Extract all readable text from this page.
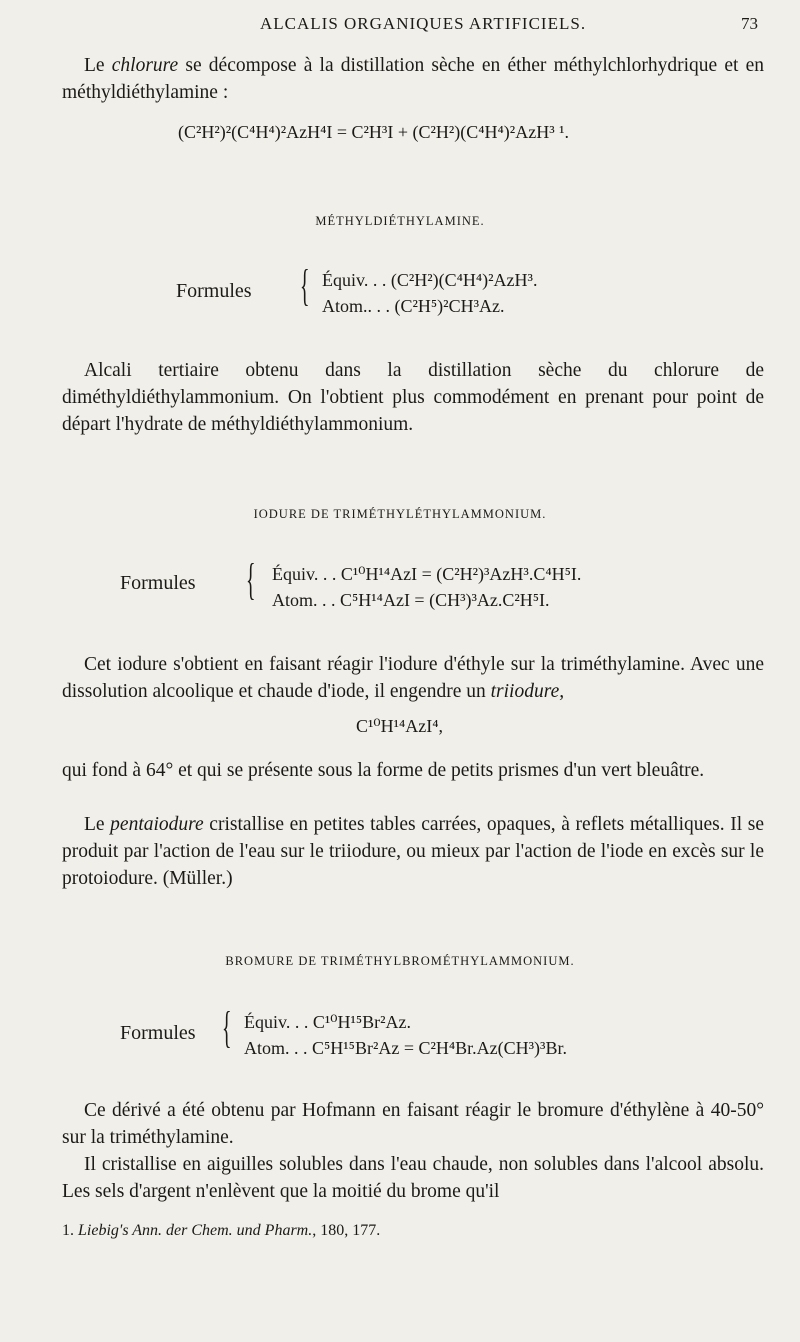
ALCALIS ORGANIQUES ARTIFICIELS.	73
Le chlorure se décompose à la distillation sèche en éther méthylchlorhydrique et en méthyldiéthylamine :
(C²H²)²(C⁴H⁴)²AzH⁴I = C²H³I + (C²H²)(C⁴H⁴)²AzH³ ¹.
MÉTHYLDIÉTHYLAMINE.
Formules { Équiv. . . (C²H²)(C⁴H⁴)²AzH³.
Atom.. . . (C²H⁵)²CH³Az.
Alcali tertiaire obtenu dans la distillation sèche du chlorure de diméthyldiéthylammonium. On l'obtient plus commodément en prenant pour point de départ l'hydrate de méthyldiéthylammonium.
IODURE DE TRIMÉTHYLÉTHYLAMMONIUM.
Formules { Équiv. . . C¹⁰H¹⁴AzI = (C²H²)³AzH³.C⁴H⁵I.
Atom. . . C⁵H¹⁴AzI = (CH³)³Az.C²H⁵I.
Cet iodure s'obtient en faisant réagir l'iodure d'éthyle sur la triméthylamine. Avec une dissolution alcoolique et chaude d'iode, il engendre un triiodure,
C¹⁰H¹⁴AzI⁴,
qui fond à 64° et qui se présente sous la forme de petits prismes d'un vert bleuâtre.
Le pentaiodure cristallise en petites tables carrées, opaques, à reflets métalliques. Il se produit par l'action de l'eau sur le triiodure, ou mieux par l'action de l'iode en excès sur le protoiodure. (Müller.)
BROMURE DE TRIMÉTHYLBROMÉTHYLAMMONIUM.
Formules { Équiv. . . C¹⁰H¹⁵Br²Az.
Atom. . . C⁵H¹⁵Br²Az = C²H⁴Br.Az(CH³)³Br.
Ce dérivé a été obtenu par Hofmann en faisant réagir le bromure d'éthylène à 40-50° sur la triméthylamine.
Il cristallise en aiguilles solubles dans l'eau chaude, non solubles dans l'alcool absolu. Les sels d'argent n'enlèvent que la moitié du brome qu'il
1. Liebig's Ann. der Chem. und Pharm., 180, 177.
